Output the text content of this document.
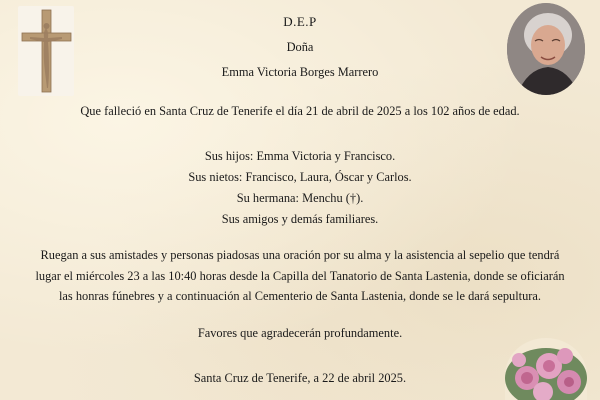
D.E.P
Doña
Emma Victoria Borges Marrero
Que falleció en Santa Cruz de Tenerife el día 21 de abril de 2025 a los 102 años de edad.
Sus hijos: Emma Victoria y Francisco.
Sus nietos: Francisco, Laura, Óscar y Carlos.
Su hermana: Menchu (†).
Sus amigos y demás familiares.
Ruegan a sus amistades y personas piadosas una oración por su alma y la asistencia al sepelio que tendrá
lugar el miércoles 23 a las 10:40 horas desde la Capilla del Tanatorio de Santa Lastenia, donde se oficiarán
las honras fúnebres y a continuación al Cementerio de Santa Lastenia, donde se le dará sepultura.
Favores que agradecerán profundamente.
Santa Cruz de Tenerife, a 22 de abril 2025.
